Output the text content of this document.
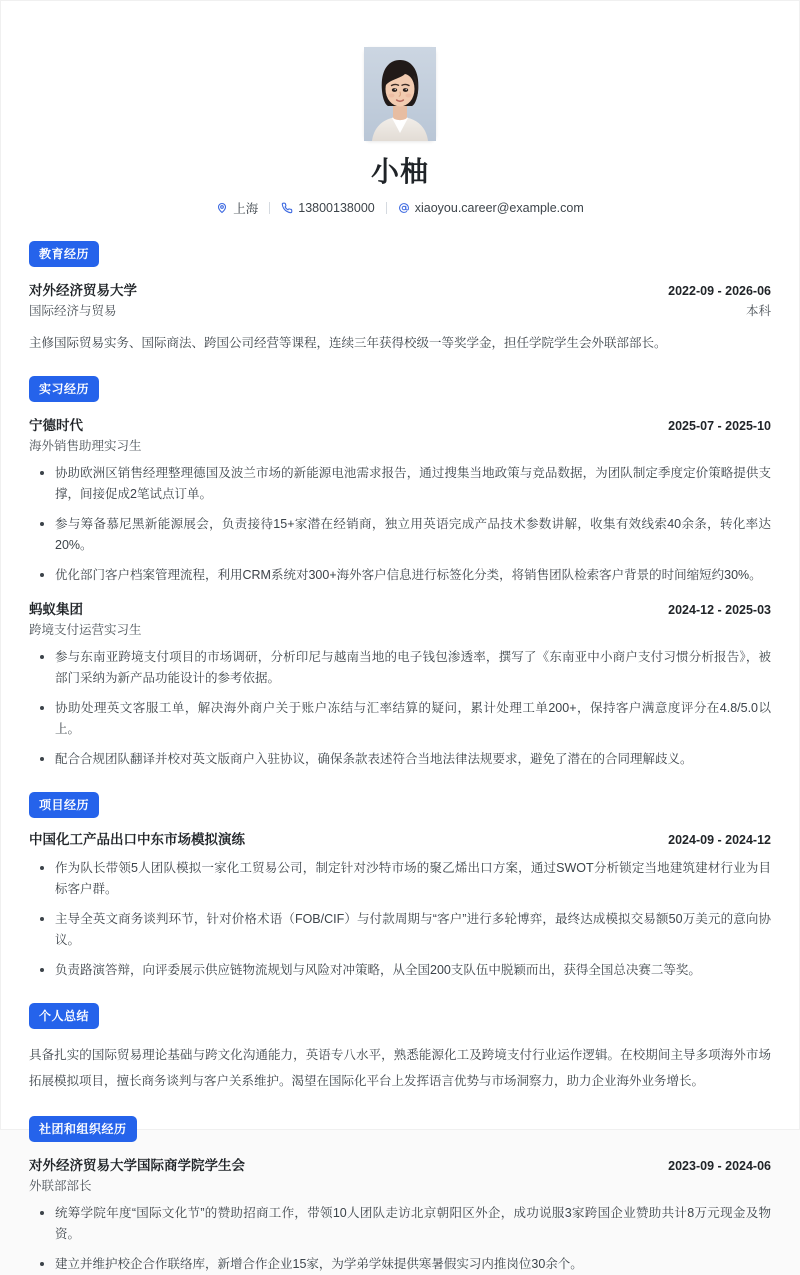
小柚
上海	13800138000	xiaoyou.career@example.com
教育经历
对外经济贸易大学	2022-09 - 2026-06
国际经济与贸易	本科
主修国际贸易实务、国际商法、跨国公司经营等课程，连续三年获得校级一等奖学金，担任学院学生会外联部部长。
实习经历
宁德时代	2025-07 - 2025-10
海外销售助理实习生
协助欧洲区销售经理整理德国及波兰市场的新能源电池需求报告，通过搜集当地政策与竞品数据，为团队制定季度定价策略提供支撑，间接促成2笔试点订单。
参与筹备慕尼黑新能源展会，负责接待15+家潜在经销商，独立用英语完成产品技术参数讲解，收集有效线索40余条，转化率达20%。
优化部门客户档案管理流程，利用CRM系统对300+海外客户信息进行标签化分类，将销售团队检索客户背景的时间缩短约30%。
蚂蚁集团	2024-12 - 2025-03
跨境支付运营实习生
参与东南亚跨境支付项目的市场调研，分析印尼与越南当地的电子钱包渗透率，撰写了《东南亚中小商户支付习惯分析报告》，被部门采纳为新产品功能设计的参考依据。
协助处理英文客服工单，解决海外商户关于账户冻结与汇率结算的疑问，累计处理工单200+，保持客户满意度评分在4.8/5.0以上。
配合合规团队翻译并校对英文版商户入驻协议，确保条款表述符合当地法律法规要求，避免了潜在的合同理解歧义。
项目经历
中国化工产品出口中东市场模拟演练	2024-09 - 2024-12
作为队长带领5人团队模拟一家化工贸易公司，制定针对沙特市场的聚乙烯出口方案，通过SWOT分析锁定当地建筑建材行业为目标客户群。
主导全英文商务谈判环节，针对价格术语（FOB/CIF）与付款周期与“客户”进行多轮博弈，最终达成模拟交易额50万美元的意向协议。
负责路演答辩，向评委展示供应链物流规划与风险对冲策略，从全国200支队伍中脱颖而出，获得全国总决赛二等奖。
个人总结
具备扎实的国际贸易理论基础与跨文化沟通能力，英语专八水平，熟悉能源化工及跨境支付行业运作逻辑。在校期间主导多项海外市场拓展模拟项目，擅长商务谈判与客户关系维护。渴望在国际化平台上发挥语言优势与市场洞察力，助力企业海外业务增长。
社团和组织经历
对外经济贸易大学国际商学院学生会	2023-09 - 2024-06
外联部部长
统筹学院年度“国际文化节”的赞助招商工作，带领10人团队走访北京朝阳区外企，成功说服3家跨国企业赞助共计8万元现金及物资。
建立并维护校企合作联络库，新增合作企业15家，为学弟学妹提供寒暑假实习内推岗位30余个。
